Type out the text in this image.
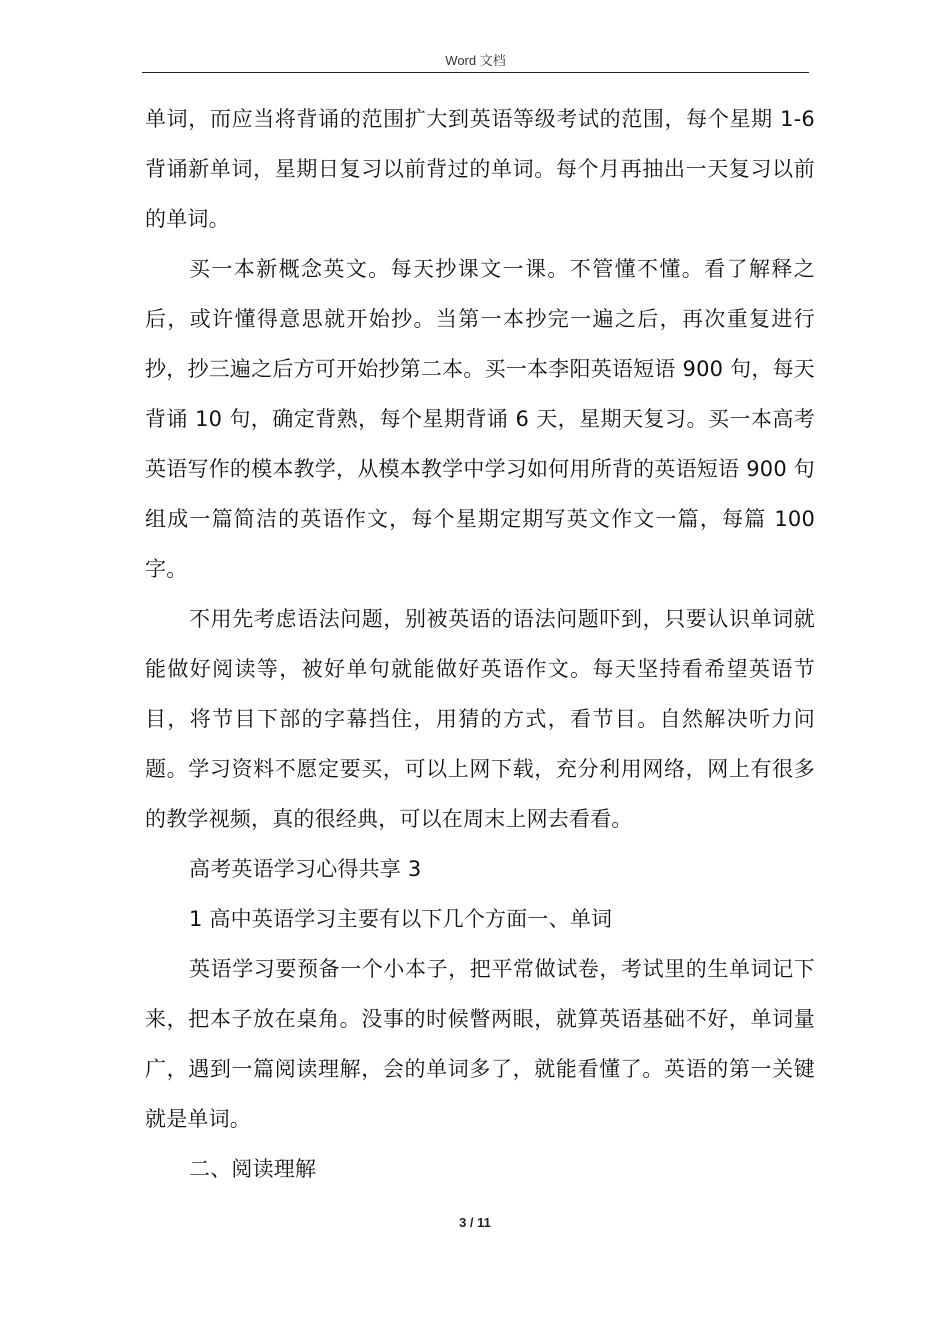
Word 文档

单词，而应当将背诵的范围扩大到英语等级考试的范围，每个星期 1-6 背诵新单词，星期日复习以前背过的单词。每个月再抽出一天复习以前的单词。

买一本新概念英文。每天抄课文一课。不管懂不懂。看了解释之后，或许懂得意思就开始抄。当第一本抄完一遍之后，再次重复进行抄，抄三遍之后方可开始抄第二本。买一本李阳英语短语 900 句，每天背诵 10 句，确定背熟，每个星期背诵 6 天，星期天复习。买一本高考英语写作的模本教学，从模本教学中学习如何用所背的英语短语 900 句组成一篇简洁的英语作文，每个星期定期写英文作文一篇，每篇 100 字。

不用先考虑语法问题，别被英语的语法问题吓到，只要认识单词就能做好阅读等，被好单句就能做好英语作文。每天坚持看希望英语节目，将节目下部的字幕挡住，用猜的方式，看节目。自然解决听力问题。学习资料不愿定要买，可以上网下载，充分利用网络，网上有很多的教学视频，真的很经典，可以在周末上网去看看。

高考英语学习心得共享 3

1 高中英语学习主要有以下几个方面一、单词

英语学习要预备一个小本子，把平常做试卷，考试里的生单词记下来，把本子放在桌角。没事的时候瞥两眼，就算英语基础不好，单词量广，遇到一篇阅读理解，会的单词多了，就能看懂了。英语的第一关键就是单词。

二、阅读理解

3 / 11
